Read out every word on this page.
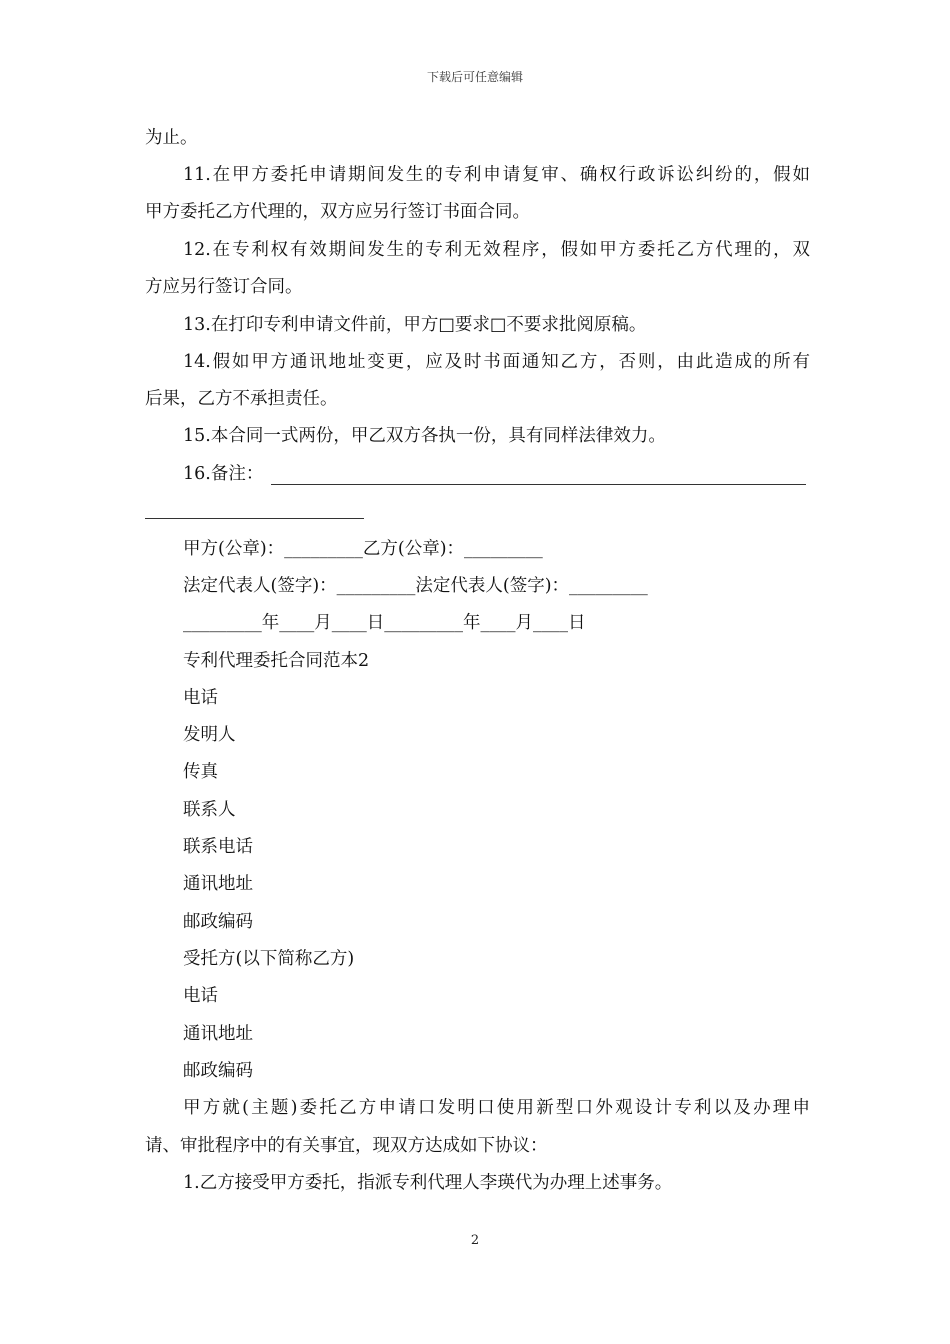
下载后可任意编辑
为止。
11.在甲方委托申请期间发生的专利申请复审、确权行政诉讼纠纷的，假如
甲方委托乙方代理的，双方应另行签订书面合同。
12.在专利权有效期间发生的专利无效程序，假如甲方委托乙方代理的，双
方应另行签订合同。
13.在打印专利申请文件前，甲方□要求□不要求批阅原稿。
14.假如甲方通讯地址变更，应及时书面通知乙方，否则，由此造成的所有
后果，乙方不承担责任。
15.本合同一式两份，甲乙双方各执一份，具有同样法律效力。
16.备注：
甲方(公章)：_________乙方(公章)：_________
法定代表人(签字)：_________法定代表人(签字)：_________
_________年____月____日_________年____月____日
专利代理委托合同范本2
电话
发明人
传真
联系人
联系电话
通讯地址
邮政编码
受托方(以下简称乙方)
电话
通讯地址
邮政编码
甲方就(主题)委托乙方申请口发明口使用新型口外观设计专利以及办理申
请、审批程序中的有关事宜，现双方达成如下协议：
1.乙方接受甲方委托，指派专利代理人李瑛代为办理上述事务。
2
